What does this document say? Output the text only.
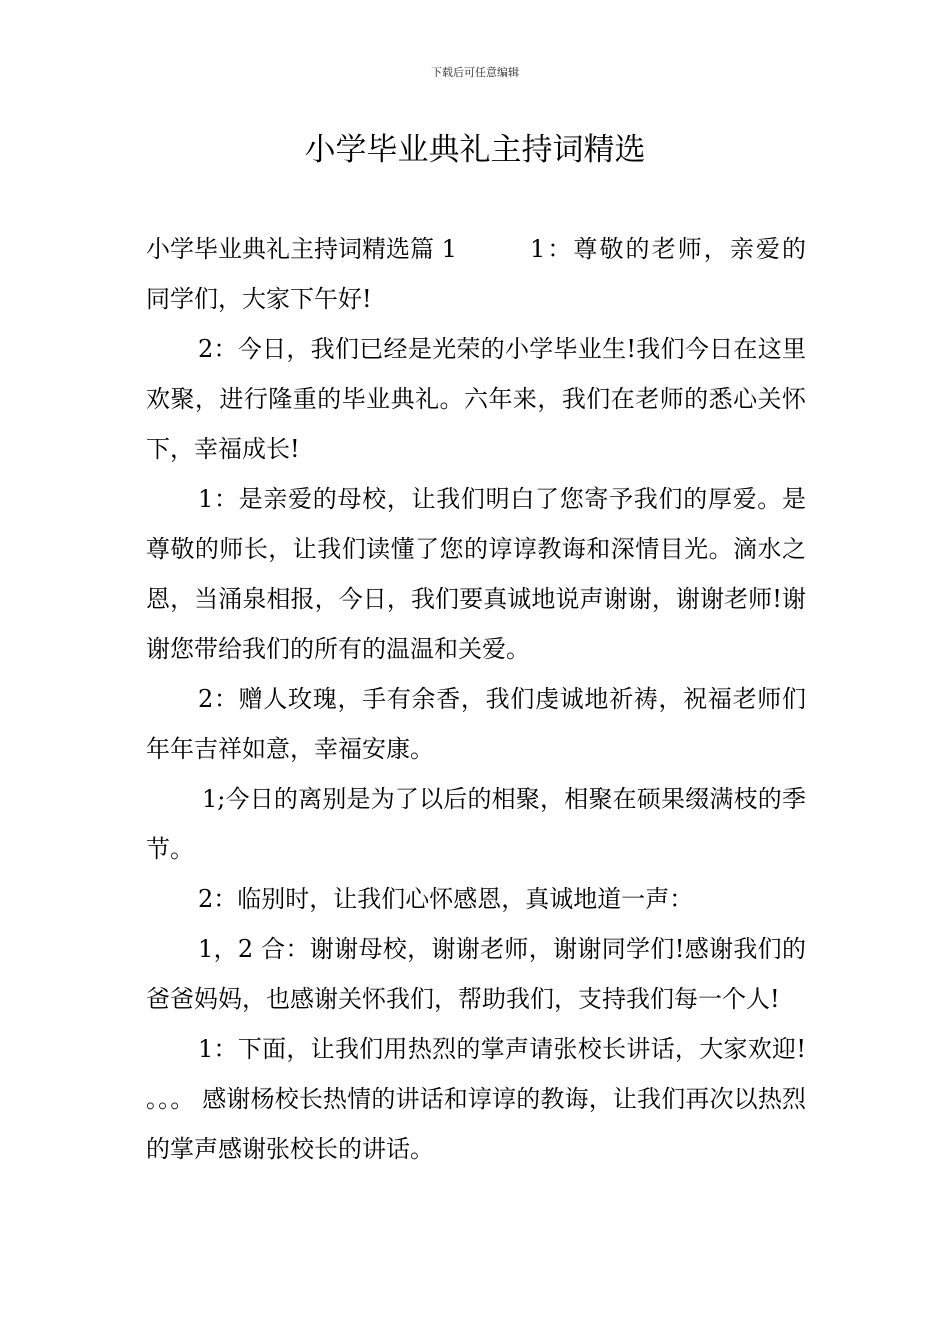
下载后可任意编辑
小学毕业典礼主持词精选

小学毕业典礼主持词精选篇 1	1：尊敬的老师，亲爱的同学们，大家下午好!

2：今日，我们已经是光荣的小学毕业生!我们今日在这里欢聚，进行隆重的毕业典礼。六年来，我们在老师的悉心关怀下，幸福成长!

1：是亲爱的母校，让我们明白了您寄予我们的厚爱。是尊敬的师长，让我们读懂了您的谆谆教诲和深情目光。滴水之恩，当涌泉相报，今日，我们要真诚地说声谢谢，谢谢老师!谢谢您带给我们的所有的温温和关爱。

2：赠人玫瑰，手有余香，我们虔诚地祈祷，祝福老师们年年吉祥如意，幸福安康。

1;今日的离别是为了以后的相聚，相聚在硕果缀满枝的季节。

2：临别时，让我们心怀感恩，真诚地道一声：

1，2 合：谢谢母校，谢谢老师，谢谢同学们!感谢我们的爸爸妈妈，也感谢关怀我们，帮助我们，支持我们每一个人!

1：下面，让我们用热烈的掌声请张校长讲话，大家欢迎! 。。。 感谢杨校长热情的讲话和谆谆的教诲，让我们再次以热烈的掌声感谢张校长的讲话。
